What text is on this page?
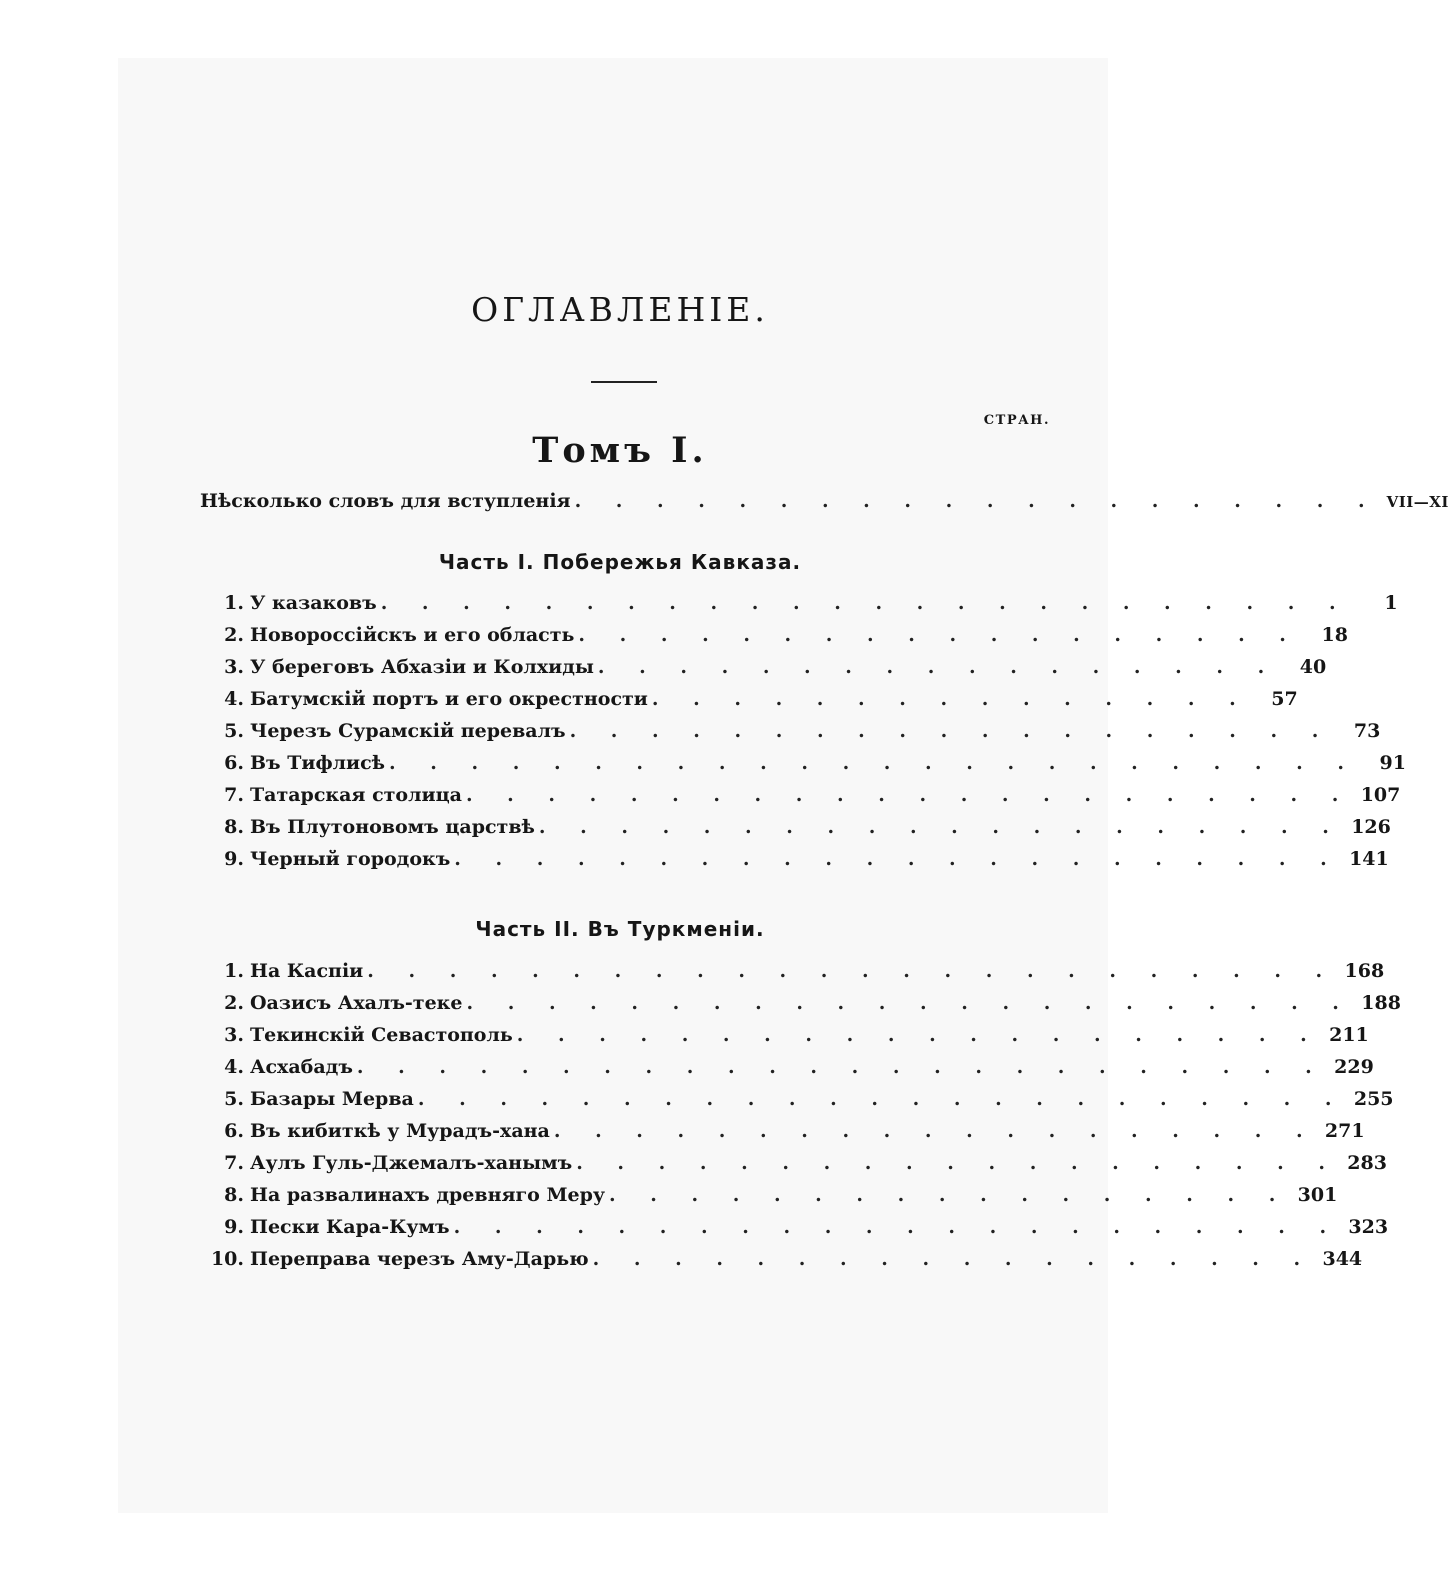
ОГЛАВЛЕНІЕ.
СТРАН.
Томъ I.
Нѣсколько словъ для вступленія . . . . . . . . . . . . . . . . . . . . VII—XI
Часть I. Побережья Кавказа.
1. У казаковъ . . . . . . . . . . . . . . . . . . . . . . . .	1
2. Новороссійскъ и его область . . . . . . . . . . . . . . . . . .	18
3. У береговъ Абхазіи и Колхиды . . . . . . . . . . . . . . . . .	40
4. Батумскій портъ и его окрестности . . . . . . . . . . . . . . .	57
5. Черезъ Сурамскій перевалъ . . . . . . . . . . . . . . . . . . .	73
6. Въ Тифлисѣ . . . . . . . . . . . . . . . . . . . . . . . .	91
7. Татарская столица . . . . . . . . . . . . . . . . . . . . . . 107
8. Въ Плутоновомъ царствѣ . . . . . . . . . . . . . . . . . . . . 126
9. Черный городокъ . . . . . . . . . . . . . . . . . . . . . . 141
Часть II. Въ Туркменіи.
1. На Каспіи . . . . . . . . . . . . . . . . . . . . . . . . 168
2. Оазисъ Ахалъ-теке . . . . . . . . . . . . . . . . . . . . . . 188
3. Текинскій Севастополь . . . . . . . . . . . . . . . . . . . . 211
4. Асхабадъ . . . . . . . . . . . . . . . . . . . . . . . . 229
5. Базары Мерва . . . . . . . . . . . . . . . . . . . . . . . 255
6. Въ кибиткѣ у Мурадъ-хана . . . . . . . . . . . . . . . . . . . 271
7. Аулъ Гуль-Джемалъ-ханымъ . . . . . . . . . . . . . . . . . . . 283
8. На развалинахъ древняго Меру . . . . . . . . . . . . . . . . . 301
9. Пески Кара-Кумъ . . . . . . . . . . . . . . . . . . . . . . 323
10. Переправа черезъ Аму-Дарью . . . . . . . . . . . . . . . . . . 344
